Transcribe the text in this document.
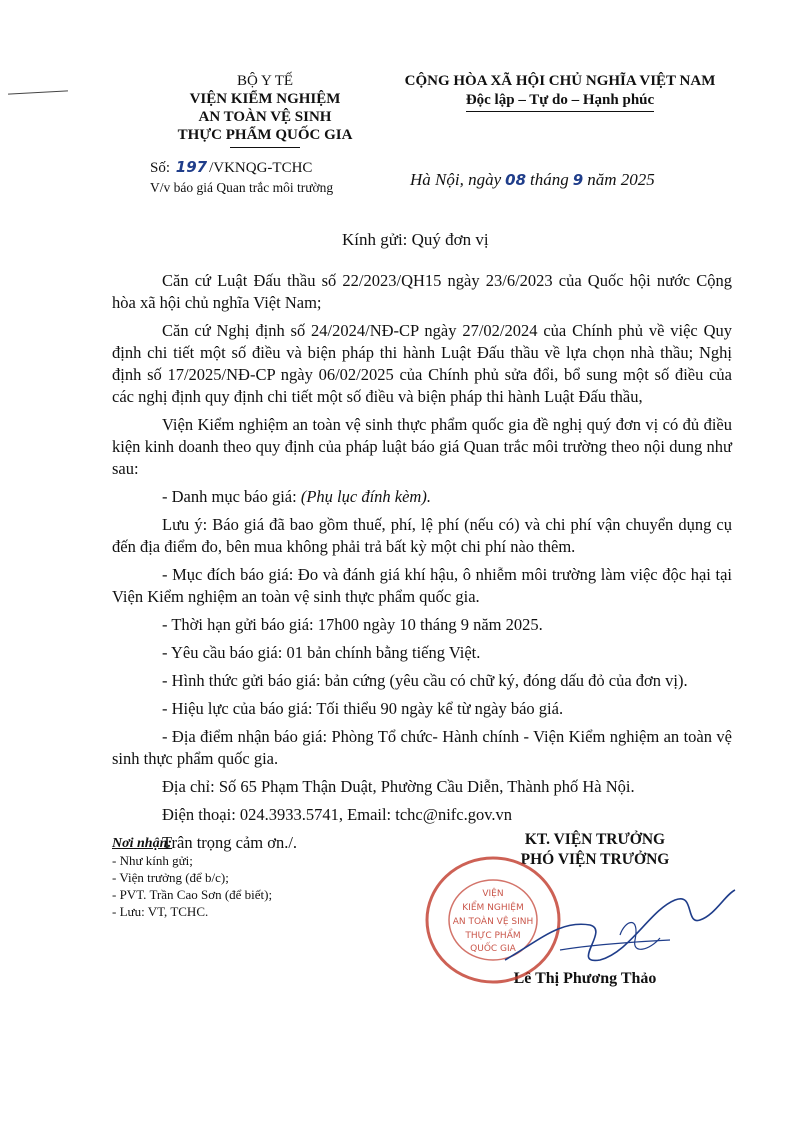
BỘ Y TẾ
VIỆN KIỂM NGHIỆM
AN TOÀN VỆ SINH
THỰC PHẨM QUỐC GIA
CỘNG HÒA XÃ HỘI CHỦ NGHĨA VIỆT NAM
Độc lập – Tự do – Hạnh phúc
Số: 197 /VKNQG-TCHC
V/v báo giá Quan trắc môi trường	Hà Nội, ngày 08 tháng 9 năm 2025
Kính gửi: Quý đơn vị

Căn cứ Luật Đấu thầu số 22/2023/QH15 ngày 23/6/2023 của Quốc hội nước Cộng hòa xã hội chủ nghĩa Việt Nam;

Căn cứ Nghị định số 24/2024/NĐ-CP ngày 27/02/2024 của Chính phủ về việc Quy định chi tiết một số điều và biện pháp thi hành Luật Đấu thầu về lựa chọn nhà thầu; Nghị định số 17/2025/NĐ-CP ngày 06/02/2025 của Chính phủ sửa đổi, bổ sung một số điều của các nghị định quy định chi tiết một số điều và biện pháp thi hành Luật Đấu thầu,

Viện Kiểm nghiệm an toàn vệ sinh thực phẩm quốc gia đề nghị quý đơn vị có đủ điều kiện kinh doanh theo quy định của pháp luật báo giá Quan trắc môi trường theo nội dung như sau:

- Danh mục báo giá: (Phụ lục đính kèm).

Lưu ý: Báo giá đã bao gồm thuế, phí, lệ phí (nếu có) và chi phí vận chuyển dụng cụ đến địa điểm đo, bên mua không phải trả bất kỳ một chi phí nào thêm.

- Mục đích báo giá: Đo và đánh giá khí hậu, ô nhiễm môi trường làm việc độc hại tại Viện Kiểm nghiệm an toàn vệ sinh thực phẩm quốc gia.

- Thời hạn gửi báo giá: 17h00 ngày 10 tháng 9 năm 2025.

- Yêu cầu báo giá: 01 bản chính bằng tiếng Việt.

- Hình thức gửi báo giá: bản cứng (yêu cầu có chữ ký, đóng dấu đỏ của đơn vị).

- Hiệu lực của báo giá: Tối thiểu 90 ngày kể từ ngày báo giá.

- Địa điểm nhận báo giá: Phòng Tổ chức- Hành chính - Viện Kiểm nghiệm an toàn vệ sinh thực phẩm quốc gia.

Địa chỉ: Số 65 Phạm Thận Duật, Phường Cầu Diễn, Thành phố Hà Nội.

Điện thoại: 024.3933.5741, Email: tchc@nifc.gov.vn

Trân trọng cảm ơn./.

Nơi nhận:
- Như kính gửi;
- Viện trưởng (để b/c);
- PVT. Trần Cao Sơn (để biết);
- Lưu: VT, TCHC.
KT. VIỆN TRƯỞNG
PHÓ VIỆN TRƯỞNG
Lê Thị Phương Thảo
VIỆN
KIỂM NGHIỆM
AN TOÀN VỆ SINH
THỰC PHẨM
QUỐC GIA
